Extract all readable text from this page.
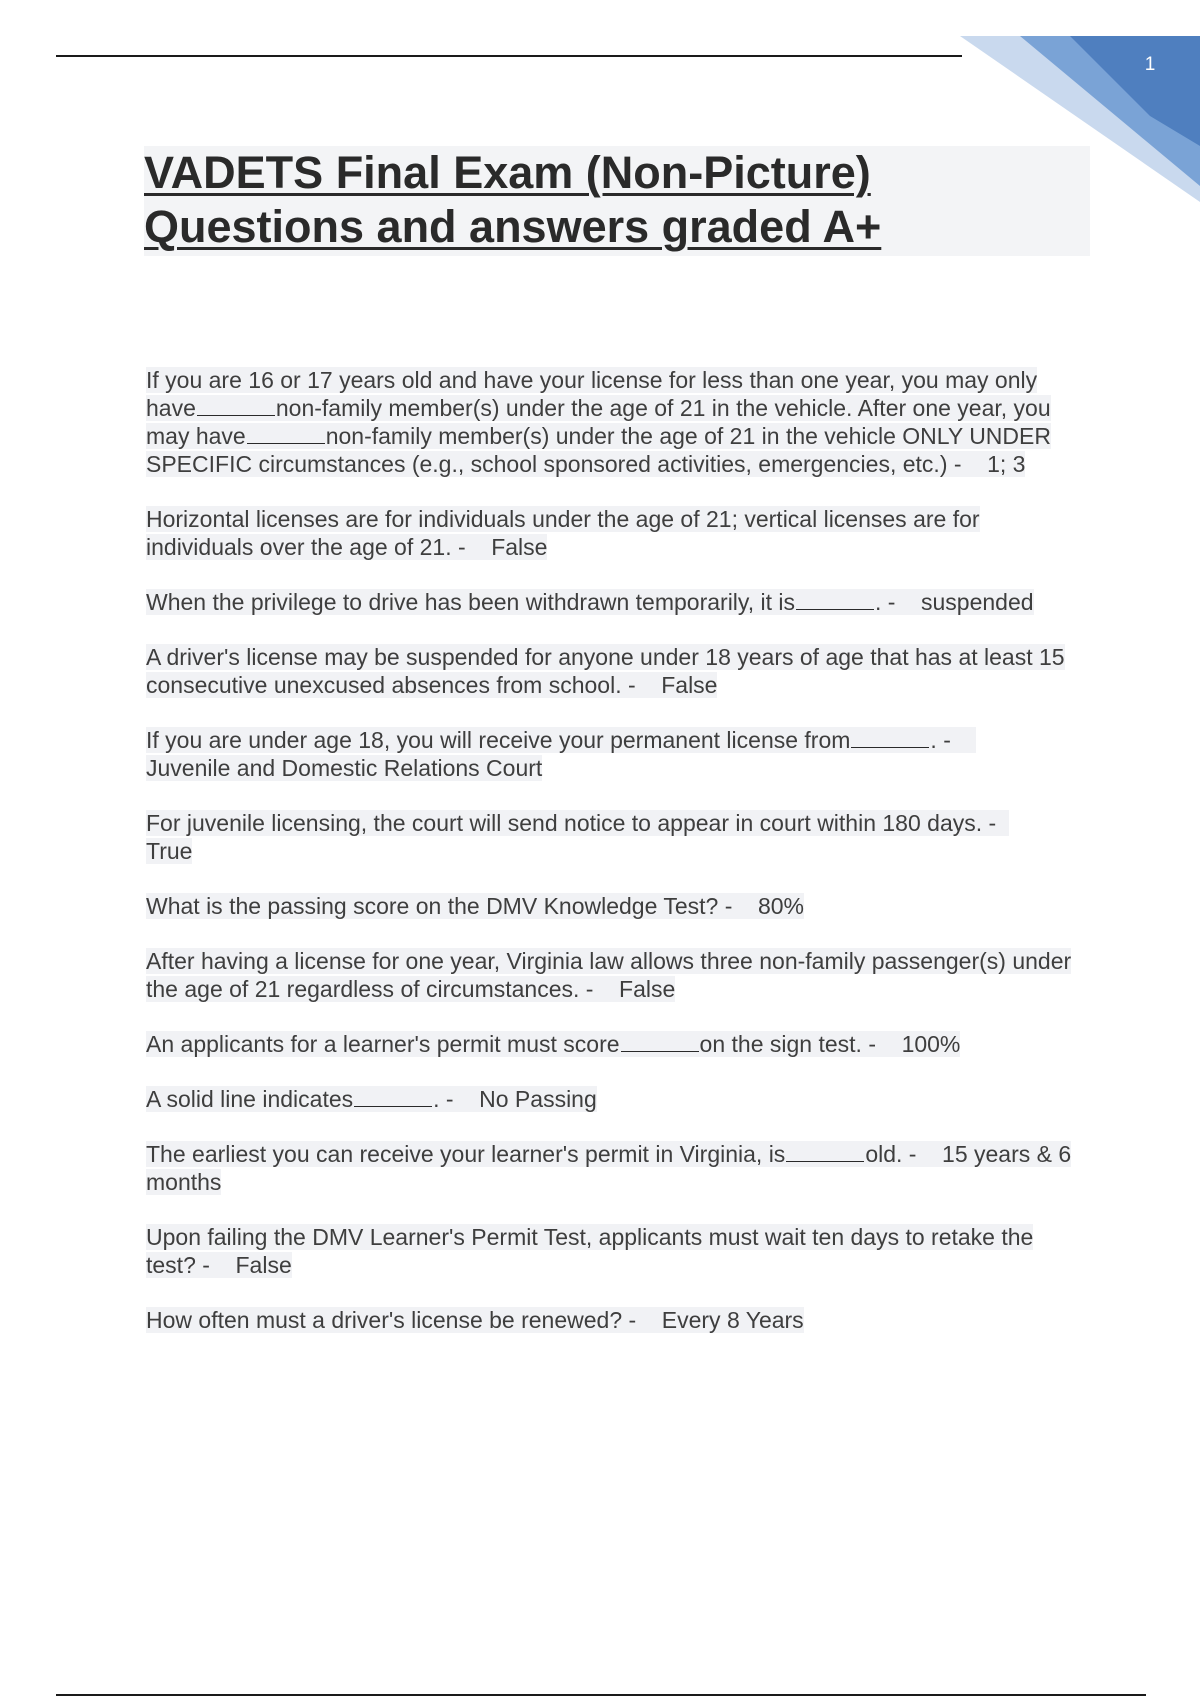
1
VADETS Final Exam (Non-Picture)
Questions and answers graded A+

If you are 16 or 17 years old and have your license for less than one year, you may only have	non-family member(s) under the age of 21 in the vehicle. After one year, you may have	non-family member(s) under the age of 21 in the vehicle ONLY UNDER SPECIFIC circumstances (e.g., school sponsored activities, emergencies, etc.) -    1; 3

Horizontal licenses are for individuals under the age of 21; vertical licenses are for individuals over the age of 21. -    False

When the privilege to drive has been withdrawn temporarily, it is	. -    suspended

A driver's license may be suspended for anyone under 18 years of age that has at least 15 consecutive unexcused absences from school. -    False

If you are under age 18, you will receive your permanent license from	. -
Juvenile and Domestic Relations Court

For juvenile licensing, the court will send notice to appear in court within 180 days. -
True

What is the passing score on the DMV Knowledge Test? -    80%

After having a license for one year, Virginia law allows three non-family passenger(s) under the age of 21 regardless of circumstances. -    False

An applicants for a learner's permit must score	on the sign test. -    100%

A solid line indicates	. -    No Passing

The earliest you can receive your learner's permit in Virginia, is	old. -    15 years & 6 months

Upon failing the DMV Learner's Permit Test, applicants must wait ten days to retake the test? -    False

How often must a driver's license be renewed? -    Every 8 Years
